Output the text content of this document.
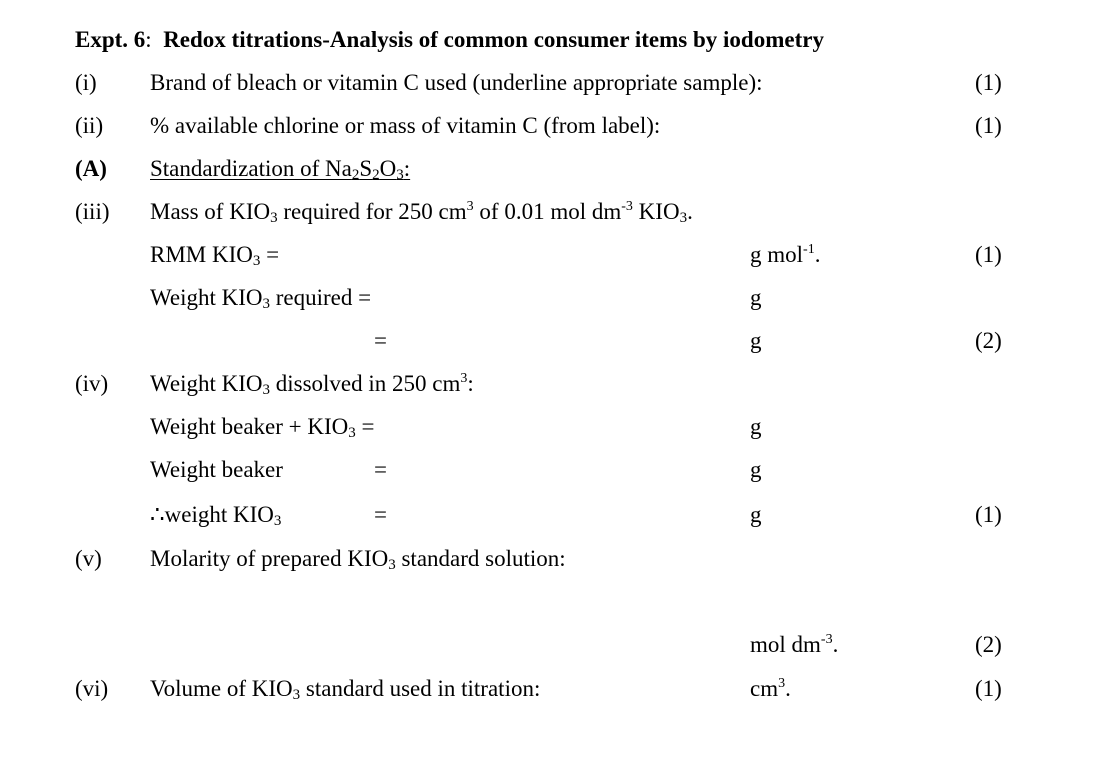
Expt. 6: Redox titrations-Analysis of common consumer items by iodometry
(i) Brand of bleach or vitamin C used (underline appropriate sample):	(1)
(ii) % available chlorine or mass of vitamin C (from label):	(1)
(A) Standardization of $Na_2S_2O_3$:
(iii) Mass of $KIO_3$ required for 250 $cm^3$ of 0.01 mol $dm^{-3}$ $KIO_3$.
RMM $KIO_3$ =	g mol$^{-1}$.	(1)
Weight $KIO_3$ required =	g
=	g	(2)
(iv) Weight $KIO_3$ dissolved in 250 $cm^3$:
Weight beaker + $KIO_3$ =	g
Weight beaker	=	g
∴weight $KIO_3$	=	g	(1)
(v) Molarity of prepared $KIO_3$ standard solution:
mol $dm^{-3}$.	(2)
(vi) Volume of $KIO_3$ standard used in titration:	$cm^3$.	(1)
